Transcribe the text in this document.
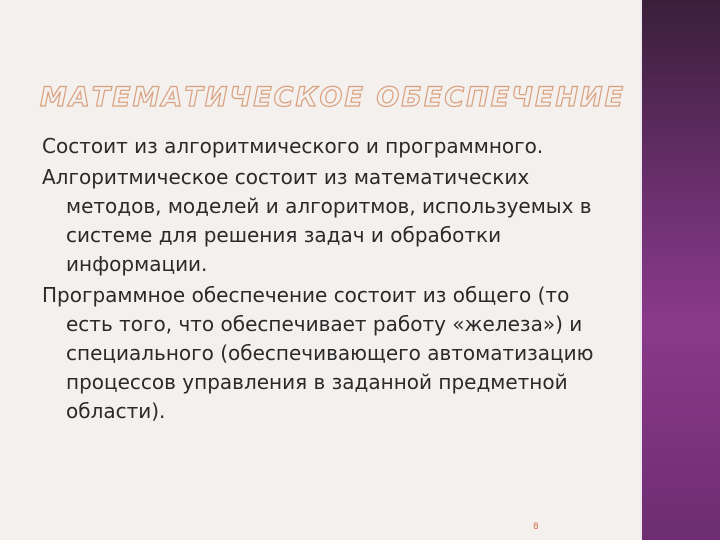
МАТЕМАТИЧЕСКОЕ ОБЕСПЕЧЕНИЕ
Состоит из алгоритмического и программного.
Алгоритмическое состоит из математических методов, моделей и алгоритмов, используемых в системе для решения задач и обработки информации.
Программное обеспечение состоит из общего (то есть того, что обеспечивает работу «железа») и специального (обеспечивающего автоматизацию процессов управления в заданной предметной области).
8
